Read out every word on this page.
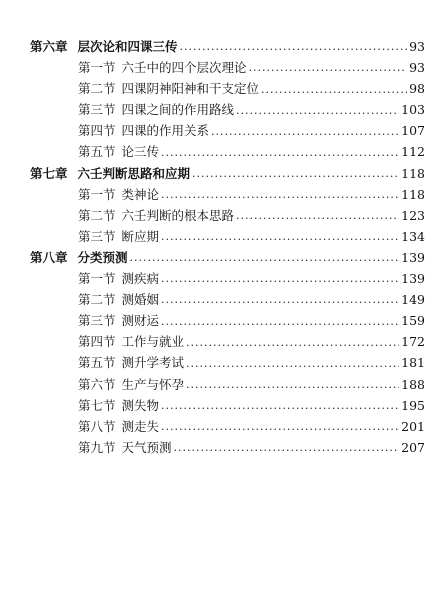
第六章 层次论和四课三传 .....	93
第一节 六壬中的四个层次理论 .....	93
第二节 四课阴神阳神和干支定位 .....	98
第三节 四课之间的作用路线 .....	103
第四节 四课的作用关系 .....	107
第五节 论三传 .....	112
第七章 六壬判断思路和应期 .....	118
第一节 类神论 .....	118
第二节 六壬判断的根本思路 .....	123
第三节 断应期 .....	134
第八章 分类预测 .....	139
第一节 测疾病 .....	139
第二节 测婚姻 .....	149
第三节 测财运 .....	159
第四节 工作与就业 .....	172
第五节 测升学考试 .....	181
第六节 生产与怀孕 .....	188
第七节 测失物 .....	195
第八节 测走失 .....	201
第九节 天气预测 .....	207
